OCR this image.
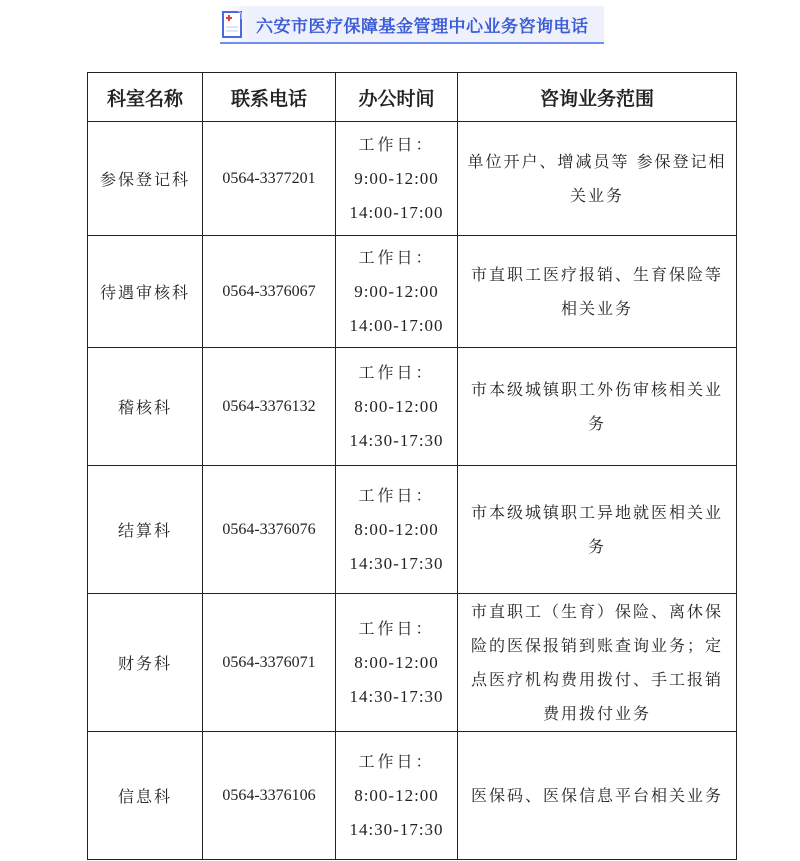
六安市医疗保障基金管理中心业务咨询电话
科室名称	联系电话	办公时间	咨询业务范围
参保登记科	0564-3377201	工作日：
9:00-12:00
14:00-17:00	单位开户、增减员等 参保登记相关业务
待遇审核科	0564-3376067	工作日：
9:00-12:00
14:00-17:00	市直职工医疗报销、生育保险等相关业务
稽核科	0564-3376132	工作日：
8:00-12:00
14:30-17:30	市本级城镇职工外伤审核相关业务
结算科	0564-3376076	工作日：
8:00-12:00
14:30-17:30	市本级城镇职工异地就医相关业务
财务科	0564-3376071	工作日：
8:00-12:00
14:30-17:30	市直职工（生育）保险、离休保险的医保报销到账查询业务；定点医疗机构费用拨付、手工报销费用拨付业务
信息科	0564-3376106	工作日：
8:00-12:00
14:30-17:30	医保码、医保信息平台相关业务
